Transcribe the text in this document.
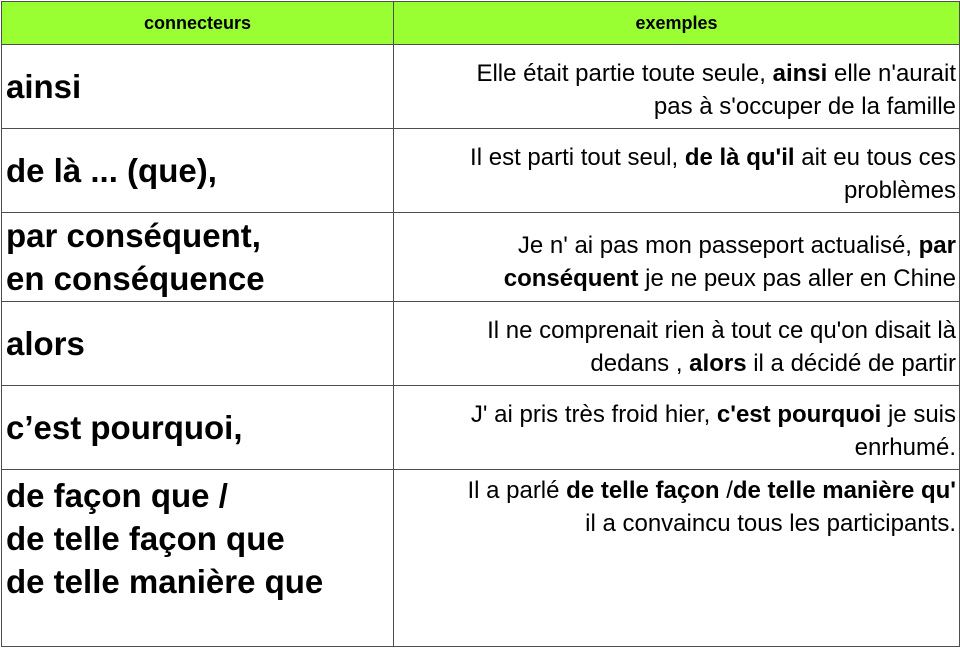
connecteurs	exemples

ainsi	Elle était partie toute seule, ainsi elle n'aurait
pas à s'occuper de la famille

de là ... (que),	Il est parti tout seul, de là qu'il ait eu tous ces
problèmes

par conséquent,
en conséquence	Je n' ai pas mon passeport actualisé, par
conséquent je ne peux pas aller en Chine

alors	Il ne comprenait rien à tout ce qu'on disait là
dedans , alors il a décidé de partir

c’est pourquoi,	J' ai pris très froid hier, c'est pourquoi je suis
enrhumé.

de façon que /
de telle façon que
de telle manière que	Il a parlé de telle façon /de telle manière qu'
il a convaincu tous les participants.
